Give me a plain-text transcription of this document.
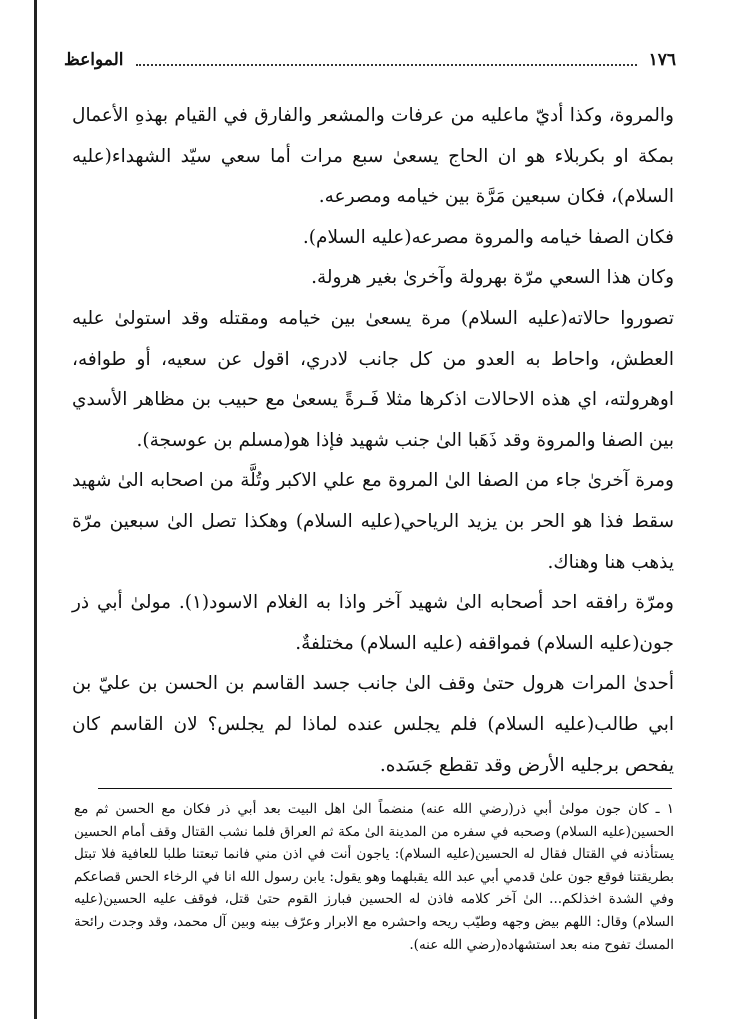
المواعظ	١٧٦

والمروة، وكذا أديّ ماعليه من عرفات والمشعر والفارق في القيام بهذهِ الأعمال بمكة او بكربلاء هو ان الحاج يسعىٰ سبع مرات أما سعي سيّد الشهداء(عليه السلام)، فكان سبعين مَرَّة بين خيامه ومصرعه.

فكان الصفا خيامه والمروة مصرعه(عليه السلام).

وكان هذا السعي مرّة بهرولة وآخرىٰ بغير هرولة.

تصوروا حالاته(عليه السلام) مرة يسعىٰ بين خيامه ومقتله وقد استولىٰ عليه العطش، واحاط به العدو من كل جانب لادري، اقول عن سعيه، أو طوافه، اوهرولته، اي هذه الاحالات اذكرها مثلا فَـرةً يسعىٰ مع حبيب بن مظاهر الأسدي بين الصفا والمروة وقد ذَهَبا الىٰ جنب شهيد فإذا هو(مسلم بن عوسجة).

ومرة آخرىٰ جاء من الصفا الىٰ المروة مع علي الاكبر وتُلَّة من اصحابه الىٰ شهيد سقط فذا هو الحر بن يزيد الرياحي(عليه السلام) وهكذا تصل الىٰ سبعين مرّة يذهب هنا وهناك.

ومرّة رافقه احد أصحابه الىٰ شهيد آخر واذا به الغلام الاسود(١). مولىٰ أبي ذر جون(عليه السلام) فمواقفه (عليه السلام) مختلفةٌ.

أحدىٰ المرات هرول حتىٰ وقف الىٰ جانب جسد القاسم بن الحسن بن عليّ بن ابي طالب(عليه السلام) فلم يجلس عنده لماذا لم يجلس؟ لان القاسم كان يفحص برجليه الأرض وقد تقطع جَسَده.

١ ـ كان جون مولىٰ أبي ذر(رضي الله عنه) منضماً الىٰ اهل البيت بعد أبي ذر فكان مع الحسن ثم مع الحسين(عليه السلام) وصحبه في سفره من المدينة الىٰ مكة ثم العراق فلما نشب القتال وقف أمام الحسين يستأذنه في القتال فقال له الحسين(عليه السلام): ياجون أنت في اذن مني فانما تبعتنا طلبا للعافية فلا تبتل بطريقتنا فوقع جون علىٰ قدمي أبي عبد الله يقبلهما وهو يقول: يابن رسول الله انا في الرخاء الحس قصاعكم وفي الشدة اخذلكم... الىٰ آخر كلامه فاذن له الحسين فبارز القوم حتىٰ قتل، فوقف عليه الحسين(عليه السلام) وقال: اللهم بيض وجهه وطيّب ريحه واحشره مع الابرار وعرّف بينه وبين آل محمد، وقد وجدت رائحة المسك تفوح منه بعد استشهاده(رضي الله عنه).
